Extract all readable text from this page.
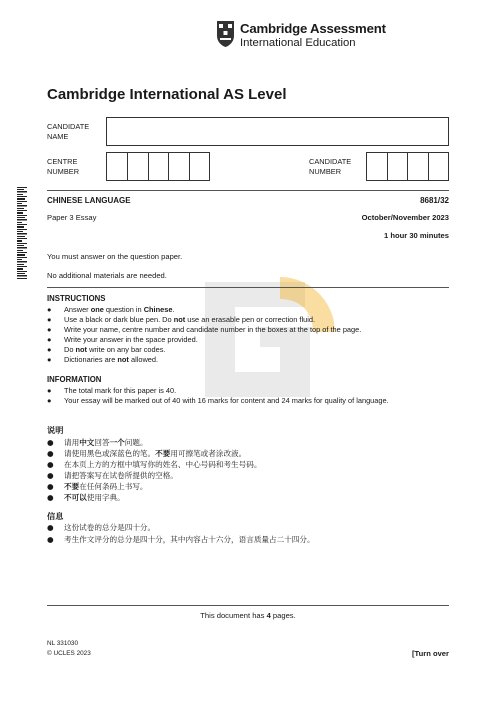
Cambridge Assessment
International Education
Cambridge International AS Level
CANDIDATE
NAME
CENTRE
NUMBER
CANDIDATE
NUMBER
CHINESE LANGUAGE	8681/32
Paper 3 Essay	October/November 2023
1 hour 30 minutes
You must answer on the question paper.
No additional materials are needed.
INSTRUCTIONS
● Answer one question in Chinese.
● Use a black or dark blue pen. Do not use an erasable pen or correction fluid.
● Write your name, centre number and candidate number in the boxes at the top of the page.
● Write your answer in the space provided.
● Do not write on any bar codes.
● Dictionaries are not allowed.
INFORMATION
● The total mark for this paper is 40.
● Your essay will be marked out of 40 with 16 marks for content and 24 marks for quality of language.
说明
● 请用中文回答一个问题。
● 请使用黑色或深蓝色的笔。不要用可擦笔或者涂改液。
● 在本页上方的方框中填写你的姓名、中心号码和考生号码。
● 请把答案写在试卷所提供的空格。
● 不要在任何条码上书写。
● 不可以使用字典。
信息
● 这份试卷的总分是四十分。
● 考生作文评分的总分是四十分，其中内容占十六分，语言质量占二十四分。
This document has 4 pages.
NL 331030
© UCLES 2023	[Turn over
